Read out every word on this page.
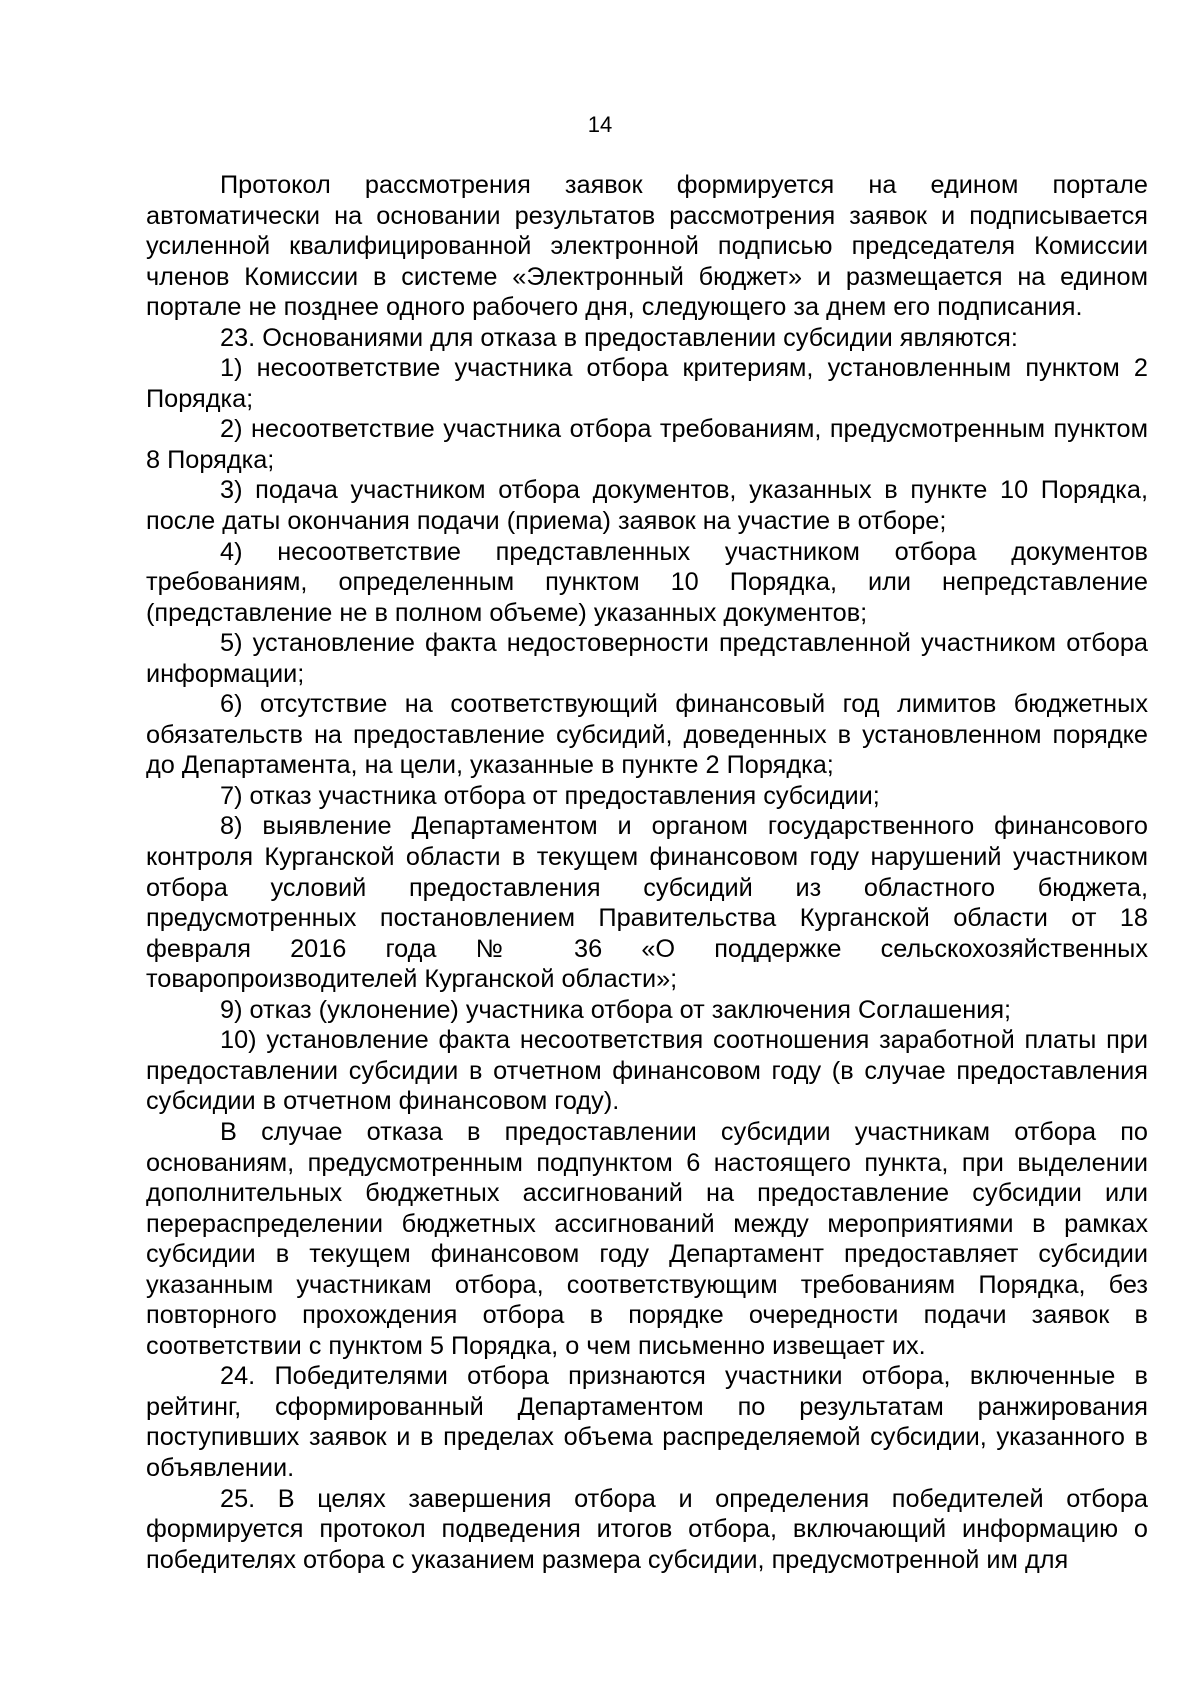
14

Протокол рассмотрения заявок формируется на едином портале автоматически на основании результатов рассмотрения заявок и подписывается усиленной квалифицированной электронной подписью председателя Комиссии членов Комиссии в системе «Электронный бюджет» и размещается на едином портале не позднее одного рабочего дня, следующего за днем его подписания.

23. Основаниями для отказа в предоставлении субсидии являются:

1) несоответствие участника отбора критериям, установленным пунктом 2 Порядка;

2) несоответствие участника отбора требованиям, предусмотренным пунктом 8 Порядка;

3) подача участником отбора документов, указанных в пункте 10 Порядка, после даты окончания подачи (приема) заявок на участие в отборе;

4) несоответствие представленных участником отбора документов требованиям, определенным пунктом 10 Порядка, или непредставление (представление не в полном объеме) указанных документов;

5) установление факта недостоверности представленной участником отбора информации;

6) отсутствие на соответствующий финансовый год лимитов бюджетных обязательств на предоставление субсидий, доведенных в установленном порядке до Департамента, на цели, указанные в пункте 2 Порядка;

7) отказ участника отбора от предоставления субсидии;

8) выявление Департаментом и органом государственного финансового контроля Курганской области в текущем финансовом году нарушений участником отбора условий предоставления субсидий из областного бюджета, предусмотренных постановлением Правительства Курганской области от 18 февраля 2016 года № 36 «О поддержке сельскохозяйственных товаропроизводителей Курганской области»;

9) отказ (уклонение) участника отбора от заключения Соглашения;

10) установление факта несоответствия соотношения заработной платы при предоставлении субсидии в отчетном финансовом году (в случае предоставления субсидии в отчетном финансовом году).

В случае отказа в предоставлении субсидии участникам отбора по основаниям, предусмотренным подпунктом 6 настоящего пункта, при выделении дополнительных бюджетных ассигнований на предоставление субсидии или перераспределении бюджетных ассигнований между мероприятиями в рамках субсидии в текущем финансовом году Департамент предоставляет субсидии указанным участникам отбора, соответствующим требованиям Порядка, без повторного прохождения отбора в порядке очередности подачи заявок в соответствии с пунктом 5 Порядка, о чем письменно извещает их.

24. Победителями отбора признаются участники отбора, включенные в рейтинг, сформированный Департаментом по результатам ранжирования поступивших заявок и в пределах объема распределяемой субсидии, указанного в объявлении.

25. В целях завершения отбора и определения победителей отбора формируется протокол подведения итогов отбора, включающий информацию о победителях отбора с указанием размера субсидии, предусмотренной им для
